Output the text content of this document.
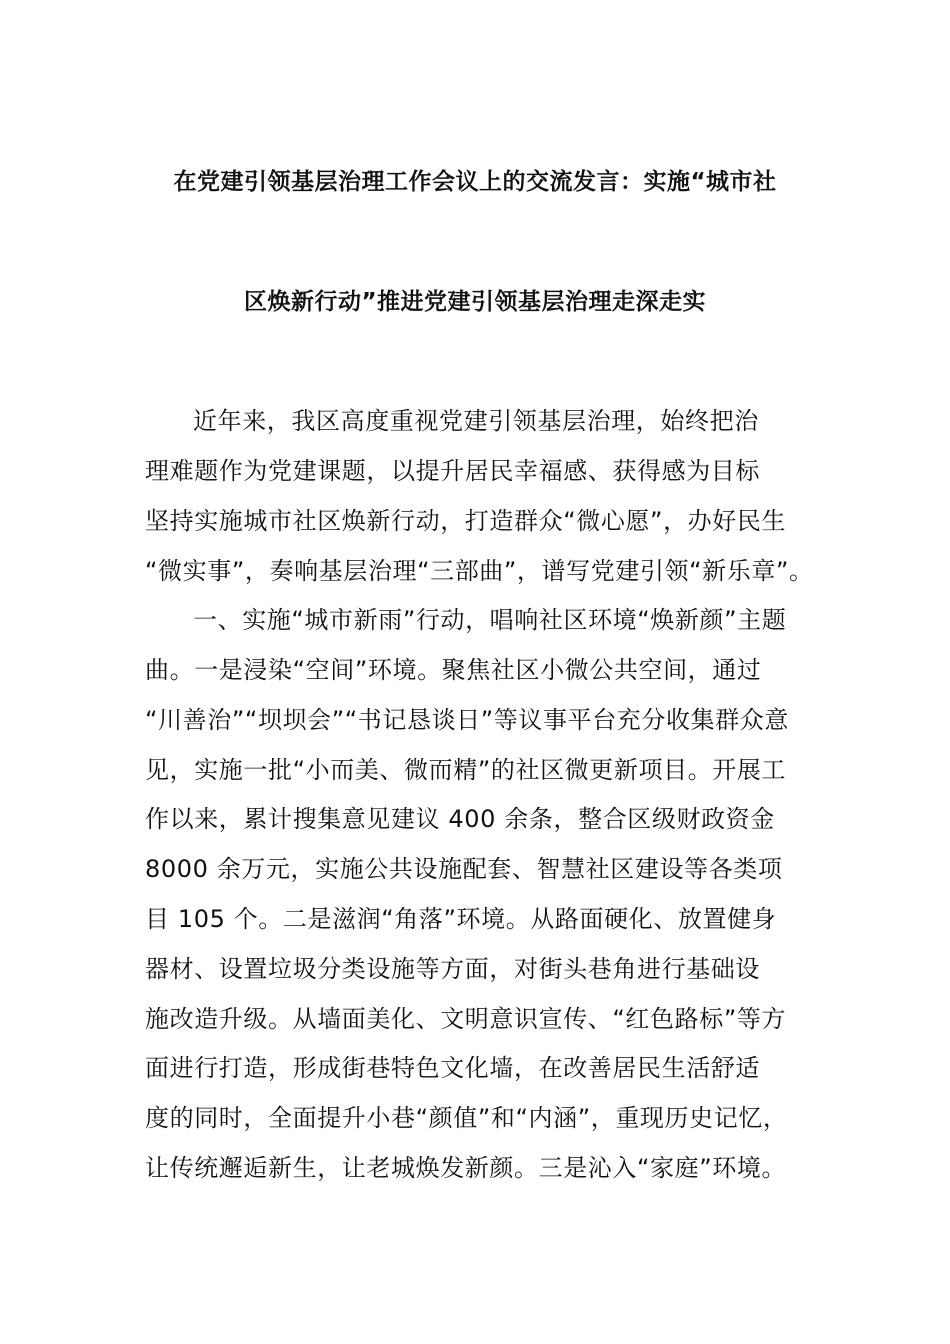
在党建引领基层治理工作会议上的交流发言：实施“城市社
区焕新行动”推进党建引领基层治理走深走实
近年来，我区高度重视党建引领基层治理，始终把治
理难题作为党建课题，以提升居民幸福感、获得感为目标
坚持实施城市社区焕新行动，打造群众“微心愿”，办好民生
“微实事”，奏响基层治理“三部曲”，谱写党建引领“新乐章”。
一、实施“城市新雨”行动，唱响社区环境“焕新颜”主题
曲。一是浸染“空间”环境。聚焦社区小微公共空间，通过
“川善治”“坝坝会”“书记恳谈日”等议事平台充分收集群众意
见，实施一批“小而美、微而精”的社区微更新项目。开展工
作以来，累计搜集意见建议 400 余条，整合区级财政资金
8000 余万元，实施公共设施配套、智慧社区建设等各类项
目 105 个。二是滋润“角落”环境。从路面硬化、放置健身
器材、设置垃圾分类设施等方面，对街头巷角进行基础设
施改造升级。从墙面美化、文明意识宣传、“红色路标”等方
面进行打造，形成街巷特色文化墙，在改善居民生活舒适
度的同时，全面提升小巷“颜值”和“内涵”，重现历史记忆，
让传统邂逅新生，让老城焕发新颜。三是沁入“家庭”环境。
